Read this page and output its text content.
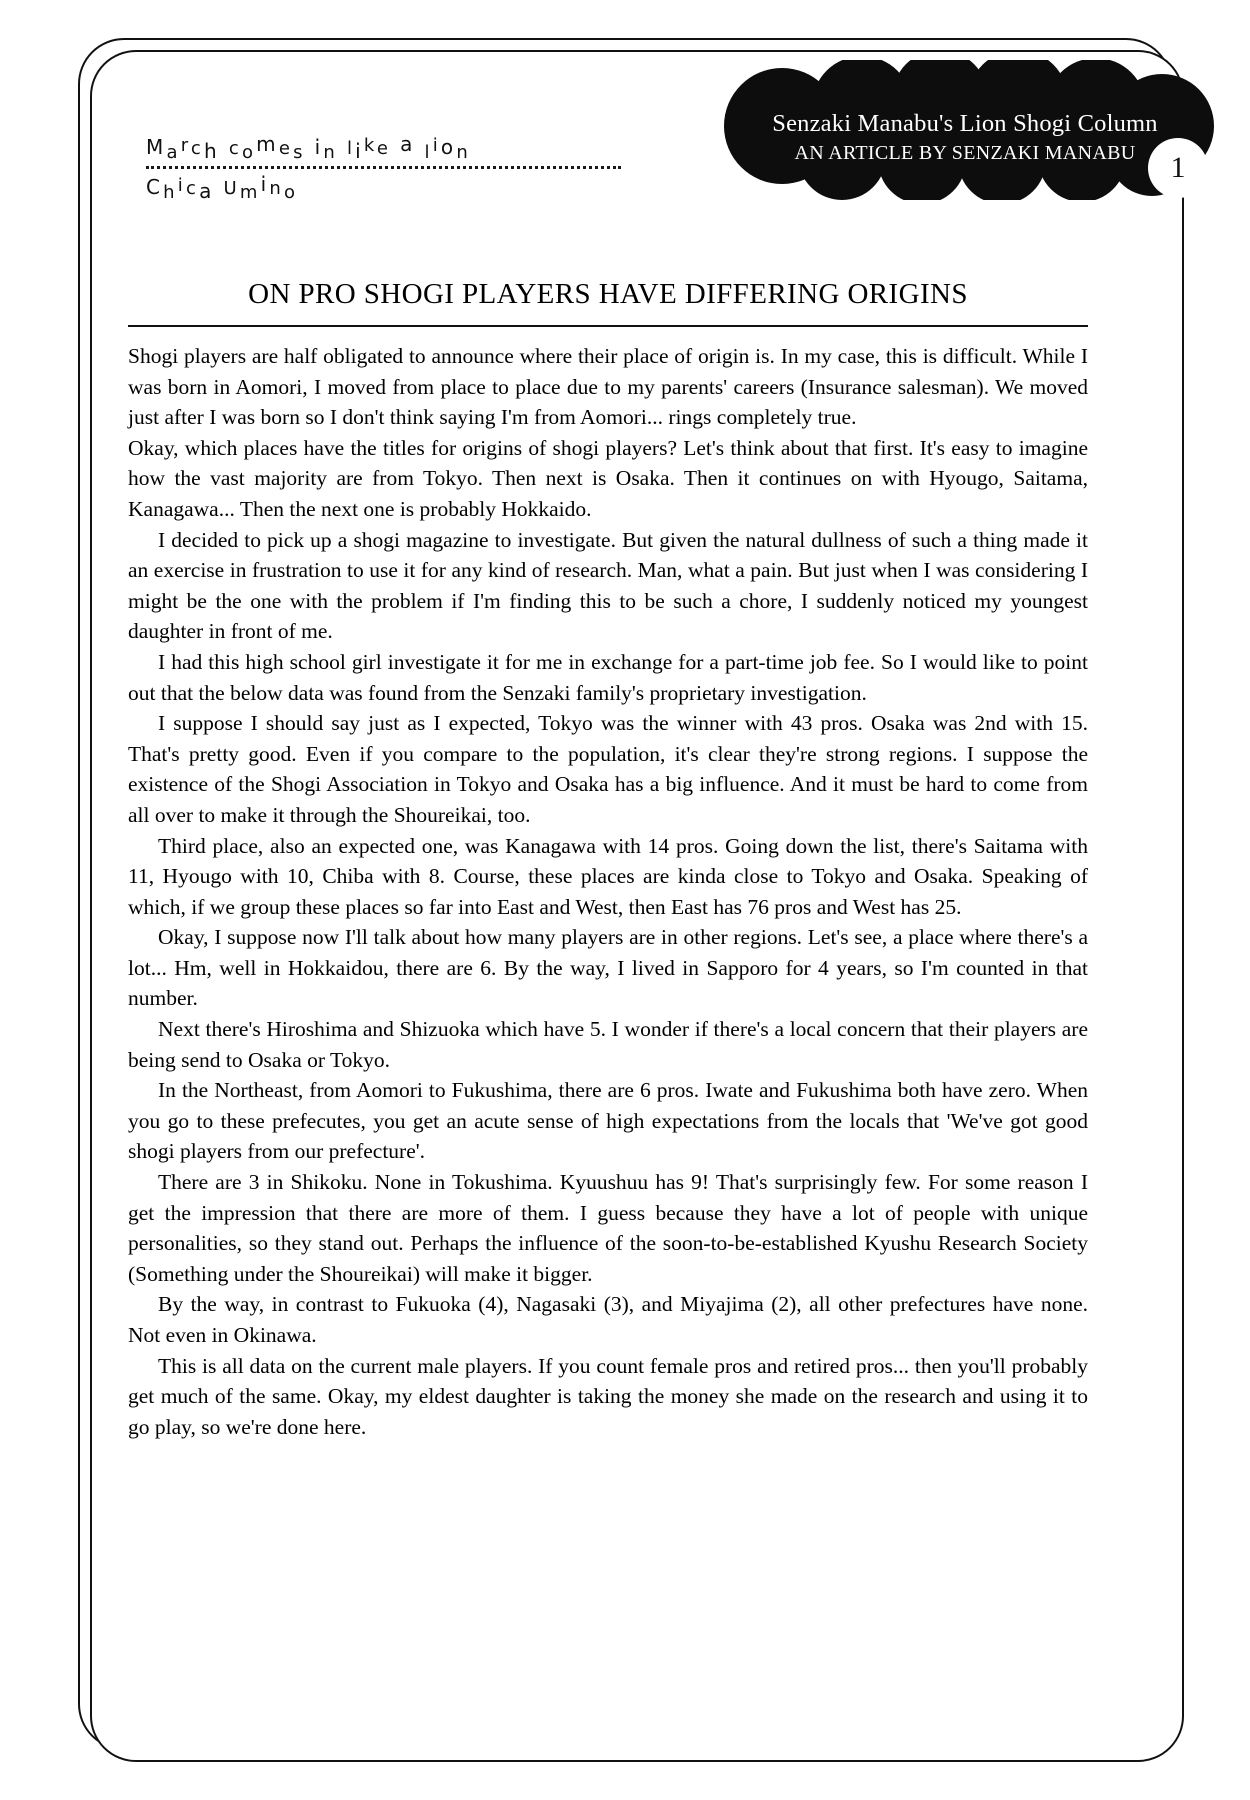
March comes in like a lion
Chica Umino
Senzaki Manabu's Lion Shogi Column
AN ARTICLE BY SENZAKI MANABU	1
ON PRO SHOGI PLAYERS HAVE DIFFERING ORIGINS

Shogi players are half obligated to announce where their place of origin is. In my case, this is difficult. While I was born in Aomori, I moved from place to place due to my parents' careers (Insurance salesman). We moved just after I was born so I don't think saying I'm from Aomori... rings completely true.

Okay, which places have the titles for origins of shogi players? Let's think about that first. It's easy to imagine how the vast majority are from Tokyo. Then next is Osaka. Then it continues on with Hyougo, Saitama, Kanagawa... Then the next one is probably Hokkaido.

I decided to pick up a shogi magazine to investigate. But given the natural dullness of such a thing made it an exercise in frustration to use it for any kind of research. Man, what a pain. But just when I was considering I might be the one with the problem if I'm finding this to be such a chore, I suddenly noticed my youngest daughter in front of me.

I had this high school girl investigate it for me in exchange for a part-time job fee. So I would like to point out that the below data was found from the Senzaki family's proprietary investigation.

I suppose I should say just as I expected, Tokyo was the winner with 43 pros. Osaka was 2nd with 15. That's pretty good. Even if you compare to the population, it's clear they're strong regions. I suppose the existence of the Shogi Association in Tokyo and Osaka has a big influence. And it must be hard to come from all over to make it through the Shoureikai, too.

Third place, also an expected one, was Kanagawa with 14 pros. Going down the list, there's Saitama with 11, Hyougo with 10, Chiba with 8. Course, these places are kinda close to Tokyo and Osaka. Speaking of which, if we group these places so far into East and West, then East has 76 pros and West has 25.

Okay, I suppose now I'll talk about how many players are in other regions. Let's see, a place where there's a lot... Hm, well in Hokkaidou, there are 6. By the way, I lived in Sapporo for 4 years, so I'm counted in that number.

Next there's Hiroshima and Shizuoka which have 5. I wonder if there's a local concern that their players are being send to Osaka or Tokyo.

In the Northeast, from Aomori to Fukushima, there are 6 pros. Iwate and Fukushima both have zero. When you go to these prefecutes, you get an acute sense of high expectations from the locals that 'We've got good shogi players from our prefecture'.

There are 3 in Shikoku. None in Tokushima. Kyuushuu has 9! That's surprisingly few. For some reason I get the impression that there are more of them. I guess because they have a lot of people with unique personalities, so they stand out. Perhaps the influence of the soon-to-be-established Kyushu Research Society (Something under the Shoureikai) will make it bigger.

By the way, in contrast to Fukuoka (4), Nagasaki (3), and Miyajima (2), all other prefectures have none. Not even in Okinawa.

This is all data on the current male players. If you count female pros and retired pros... then you'll probably get much of the same. Okay, my eldest daughter is taking the money she made on the research and using it to go play, so we're done here.
